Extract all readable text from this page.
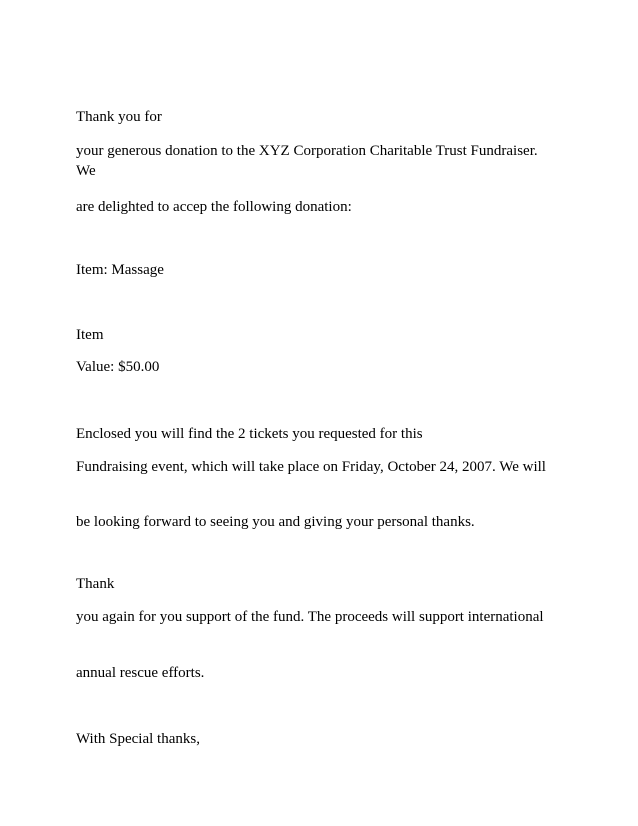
Thank you for

your generous donation to the XYZ Corporation Charitable Trust Fundraiser. We

are delighted to accep the following donation:

Item: Massage

Item

Value: $50.00

Enclosed you will find the 2 tickets you requested for this

Fundraising event, which will take place on Friday, October 24, 2007. We will

be looking forward to seeing you and giving your personal thanks.

Thank

you again for you support of the fund. The proceeds will support international

annual rescue efforts.

With Special thanks,
